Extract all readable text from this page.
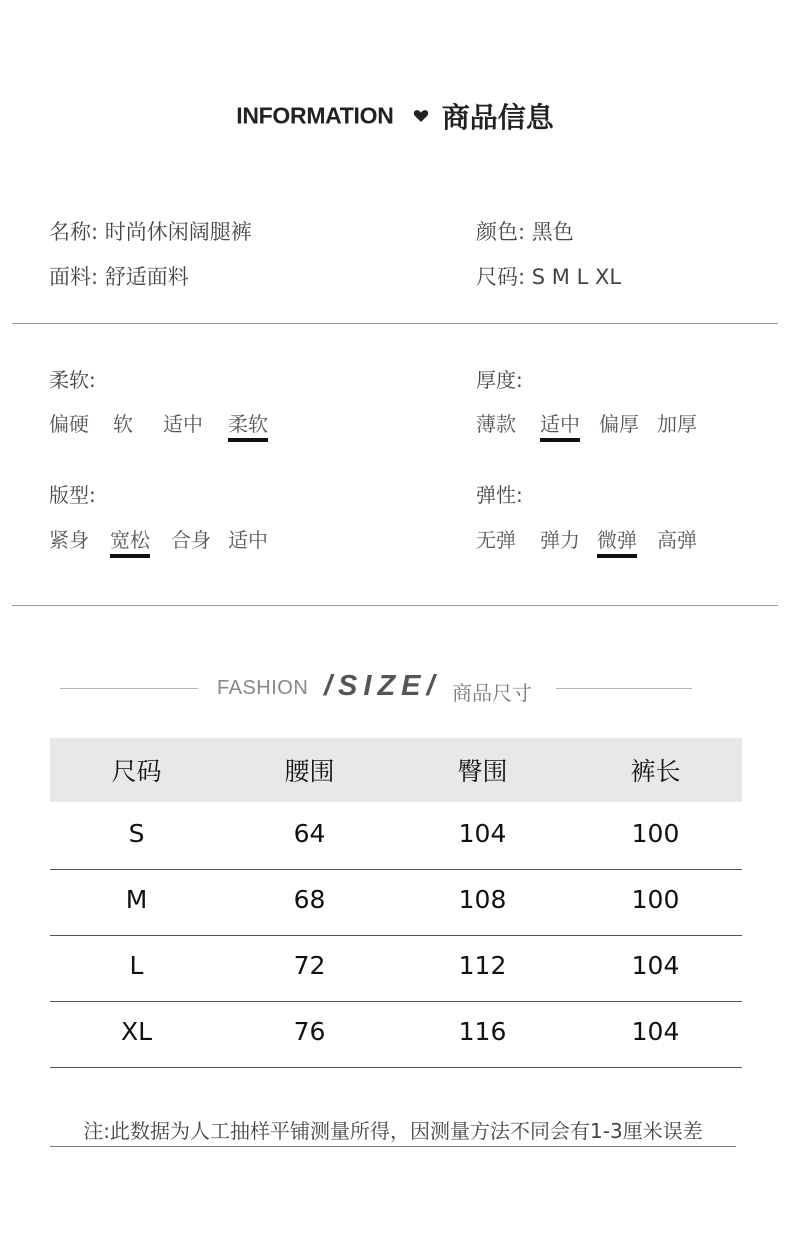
INFORMATION 商品信息
名称: 时尚休闲阔腿裤	颜色: 黑色
面料: 舒适面料	尺码: S M L XL
柔软:
偏硬 软 适中 柔软
厚度:
薄款 适中 偏厚 加厚
版型:
紧身 宽松 合身 适中
弹性:
无弹 弹力 微弹 高弹
FASHION /SIZE/ 商品尺寸
尺码	腰围	臀围	裤长
S	64	104	100
M	68	108	100
L	72	112	104
XL	76	116	104
注:此数据为人工抽样平铺测量所得，因测量方法不同会有1-3厘米误差
